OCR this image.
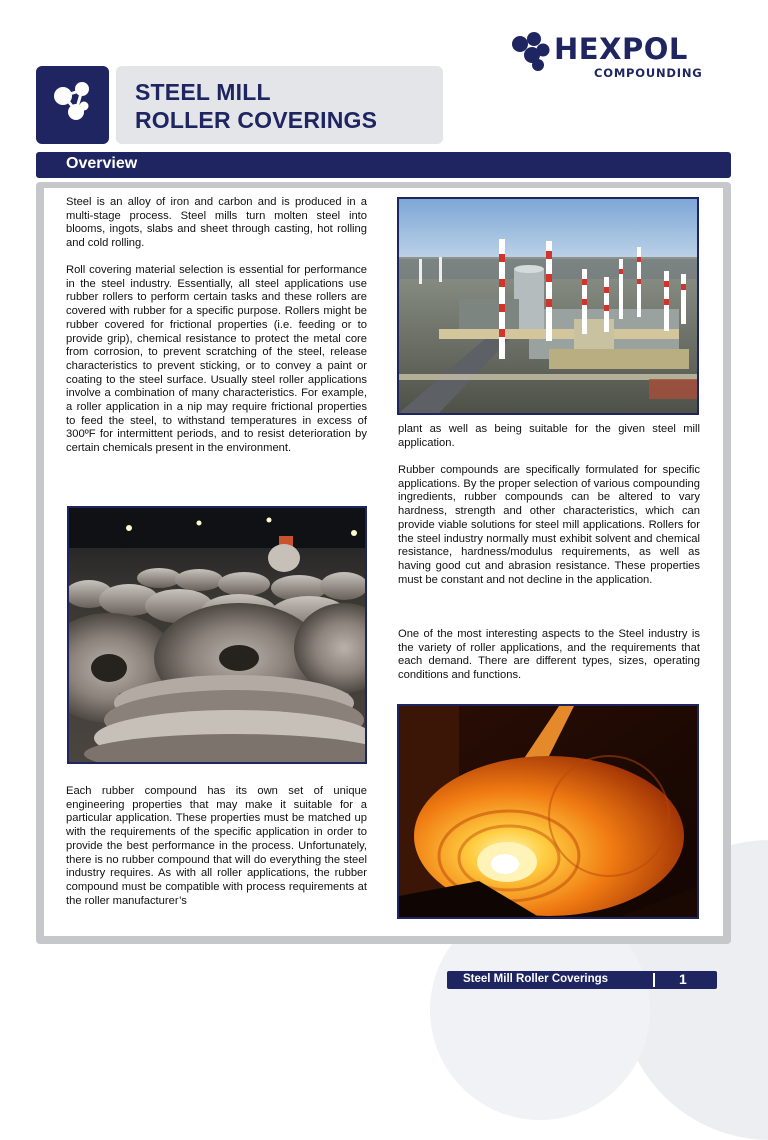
HEXPOL
COMPOUNDING
STEEL MILL
ROLLER COVERINGS
Overview

Steel is an alloy of iron and carbon and is produced in a multi-stage process. Steel mills turn molten steel into blooms, ingots, slabs and sheet through casting, hot rolling and cold rolling.

Roll covering material selection is essential for performance in the steel industry. Essentially, all steel applications use rubber rollers to perform certain tasks and these rollers are covered with rubber for a specific purpose. Rollers might be rubber covered for frictional properties (i.e. feeding or to provide grip), chemical resistance to protect the metal core from corrosion, to prevent scratching of the steel, release characteristics to prevent sticking, or to convey a paint or coating to the steel surface. Usually steel roller applications involve a combination of many characteristics. For example, a roller application in a nip may require frictional properties to feed the steel, to withstand temperatures in excess of 300ºF for intermittent periods, and to resist deterioration by certain chemicals present in the environment.

Each rubber compound has its own set of unique engineering properties that may make it suitable for a particular application. These properties must be matched up with the requirements of the specific application in order to provide the best performance in the process. Unfortunately, there is no rubber compound that will do everything the steel industry requires. As with all roller applications, the rubber compound must be compatible with process requirements at the roller manufacturer’s

plant as well as being suitable for the given steel mill application.

Rubber compounds are specifically formulated for specific applications. By the proper selection of various compounding ingredients, rubber compounds can be altered to vary hardness, strength and other characteristics, which can provide viable solutions for steel mill applications. Rollers for the steel industry normally must exhibit solvent and chemical resistance, hardness/modulus requirements, as well as having good cut and abrasion resistance. These properties must be constant and not decline in the application.

One of the most interesting aspects to the Steel industry is the variety of roller applications, and the requirements that each demand. There are different types, sizes, operating conditions and functions.

Steel Mill Roller Coverings	1
